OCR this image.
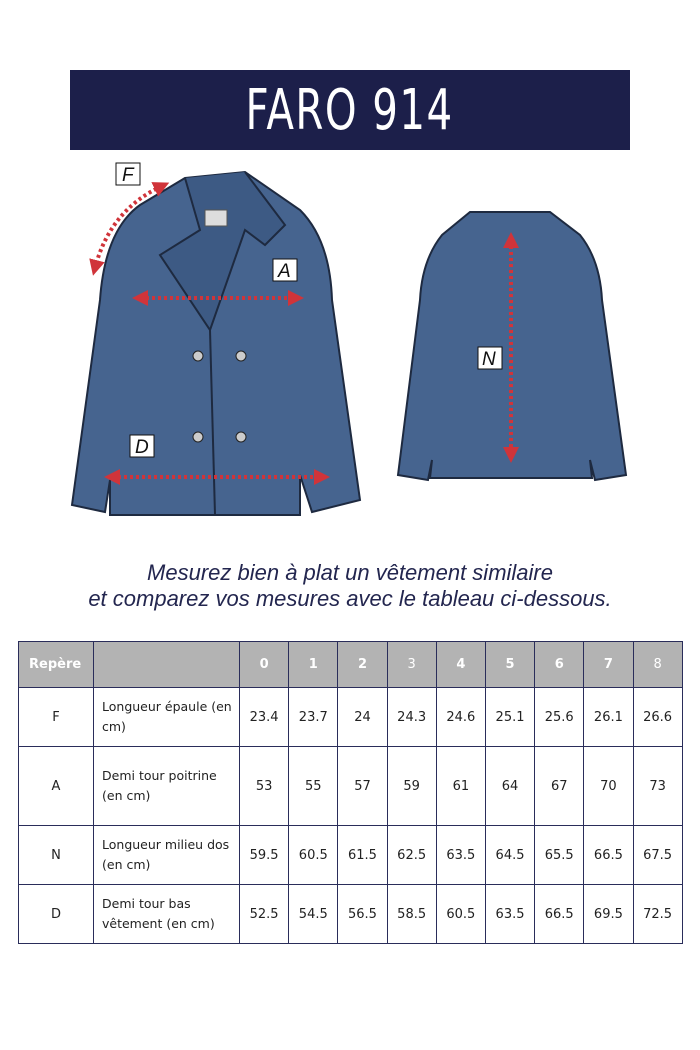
FARO 914
F
A
D
N
Mesurez bien à plat un vêtement similaire
et comparez vos mesures avec le tableau ci-dessous.
Repère		0	1	2	3	4	5	6	7	8
F	Longueur épaule (en cm)	23.4	23.7	24	24.3	24.6	25.1	25.6	26.1	26.6
A	Demi tour poitrine (en cm)	53	55	57	59	61	64	67	70	73
N	Longueur milieu dos (en cm)	59.5	60.5	61.5	62.5	63.5	64.5	65.5	66.5	67.5
D	Demi tour bas vêtement (en cm)	52.5	54.5	56.5	58.5	60.5	63.5	66.5	69.5	72.5
